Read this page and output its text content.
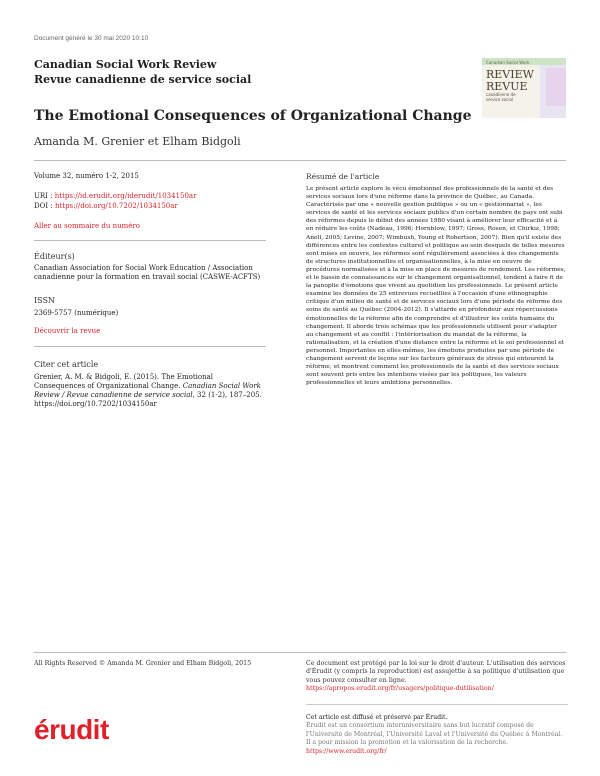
Document généré le 30 mai 2020 10:10
Canadian Social Work Review
Revue canadienne de service social
Canadian Social Work
REVIEW
REVUE
canadienne de
service social
The Emotional Consequences of Organizational Change
Amanda M. Grenier et Elham Bidgoli
Volume 32, numéro 1-2, 2015
URI : https://id.erudit.org/iderudit/1034150ar
DOI : https://doi.org/10.7202/1034150ar
Aller au sommaire du numéro
Éditeur(s)
Canadian Association for Social Work Education / Association canadienne pour la formation en travail social (CASWE-ACFTS)
ISSN
2369-5757 (numérique)
Découvrir la revue
Citer cet article
Grenier, A. M. & Bidgoli, E. (2015). The Emotional Consequences of Organizational Change. Canadian Social Work Review / Revue canadienne de service social, 32 (1-2), 187–205. https://doi.org/10.7202/1034150ar
Résumé de l'article
Le présent article explore le vécu émotionnel des professionnels de la santé et des services sociaux lors d'une réforme dans la province de Québec, au Canada. Caractérisés par une « nouvelle gestion publique » ou un « gestionnariat », les services de santé et les services sociaux publics d'un certain nombre de pays ont subi des réformes depuis le début des années 1980 visant à améliorer leur efficacité et à en réduire les coûts (Nadeau, 1996; Hornblow, 1997; Gross, Rosen, et Chirkiz, 1998; Anell, 2005; Levine, 2007; Wimbush, Young et Robertson, 2007). Bien qu'il existe des différences entre les contextes culturel et politique au sein desquels de telles mesures sont mises en oeuvre, les réformes sont régulièrement associées à des changements de structures institutionnelles et organisationnelles, à la mise en oeuvre de procédures normalisées et à la mise en place de mesures de rendement. Les réformes, et le bassin de connaissances sur le changement organisationnel, tendent à faire fi de la panoplie d'émotions que vivent au quotidien les professionnels. Le présent article examine les données de 25 entrevues recueillies à l'occasion d'une ethnographie critique d'un milieu de santé et de services sociaux lors d'une période de réforme des soins de santé au Québec (2004-2012). Il s'attarde en profondeur aux répercussions émotionnelles de la réforme afin de comprendre et d'illustrer les coûts humains du changement. Il aborde trois schémas que les professionnels utilisent pour s'adapter au changement et au conflit : l'intériorisation du mandat de la réforme, la rationalisation, et la création d'une distance entre la réforme et le soi professionnel et personnel. Importantes en elles-mêmes, les émotions produites par une période de changement servent de leçons sur les facteurs généraux de stress qui entourent la réforme, et montrent comment les professionnels de la santé et des services sociaux sont souvent pris entre les intentions visées par les politiques, les valeurs professionnelles et leurs ambitions personnelles.
All Rights Reserved © Amanda M. Grenier and Elham Bidgoli, 2015	Ce document est protégé par la loi sur le droit d'auteur. L'utilisation des services d'Érudit (y compris la reproduction) est assujettie à sa politique d'utilisation que vous pouvez consulter en ligne.
https://apropos.erudit.org/fr/usagers/politique-dutilisation/
érudit	Cet article est diffusé et préservé par Érudit.
Érudit est un consortium interuniversitaire sans but lucratif composé de l'Université de Montréal, l'Université Laval et l'Université du Québec à Montréal. Il a pour mission la promotion et la valorisation de la recherche.
https://www.erudit.org/fr/
